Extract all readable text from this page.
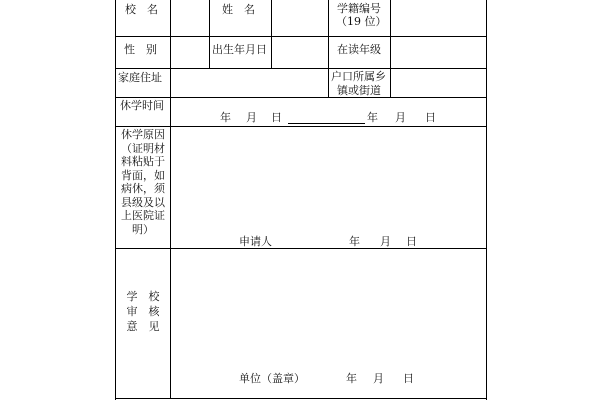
校　名	姓　名	学籍编号
（19 位）
性　别	出生年月日	在读年级
家庭住址	户口所属乡
镇或街道
休学时间
年 月 日	年 月 日
休学原因
（证明材
料粘贴于
背面，如
病休，须
县级及以
上医院证
明）
申请人	年 月 日
学　校
审　核
意　见
单位（盖章）	年 月 日
